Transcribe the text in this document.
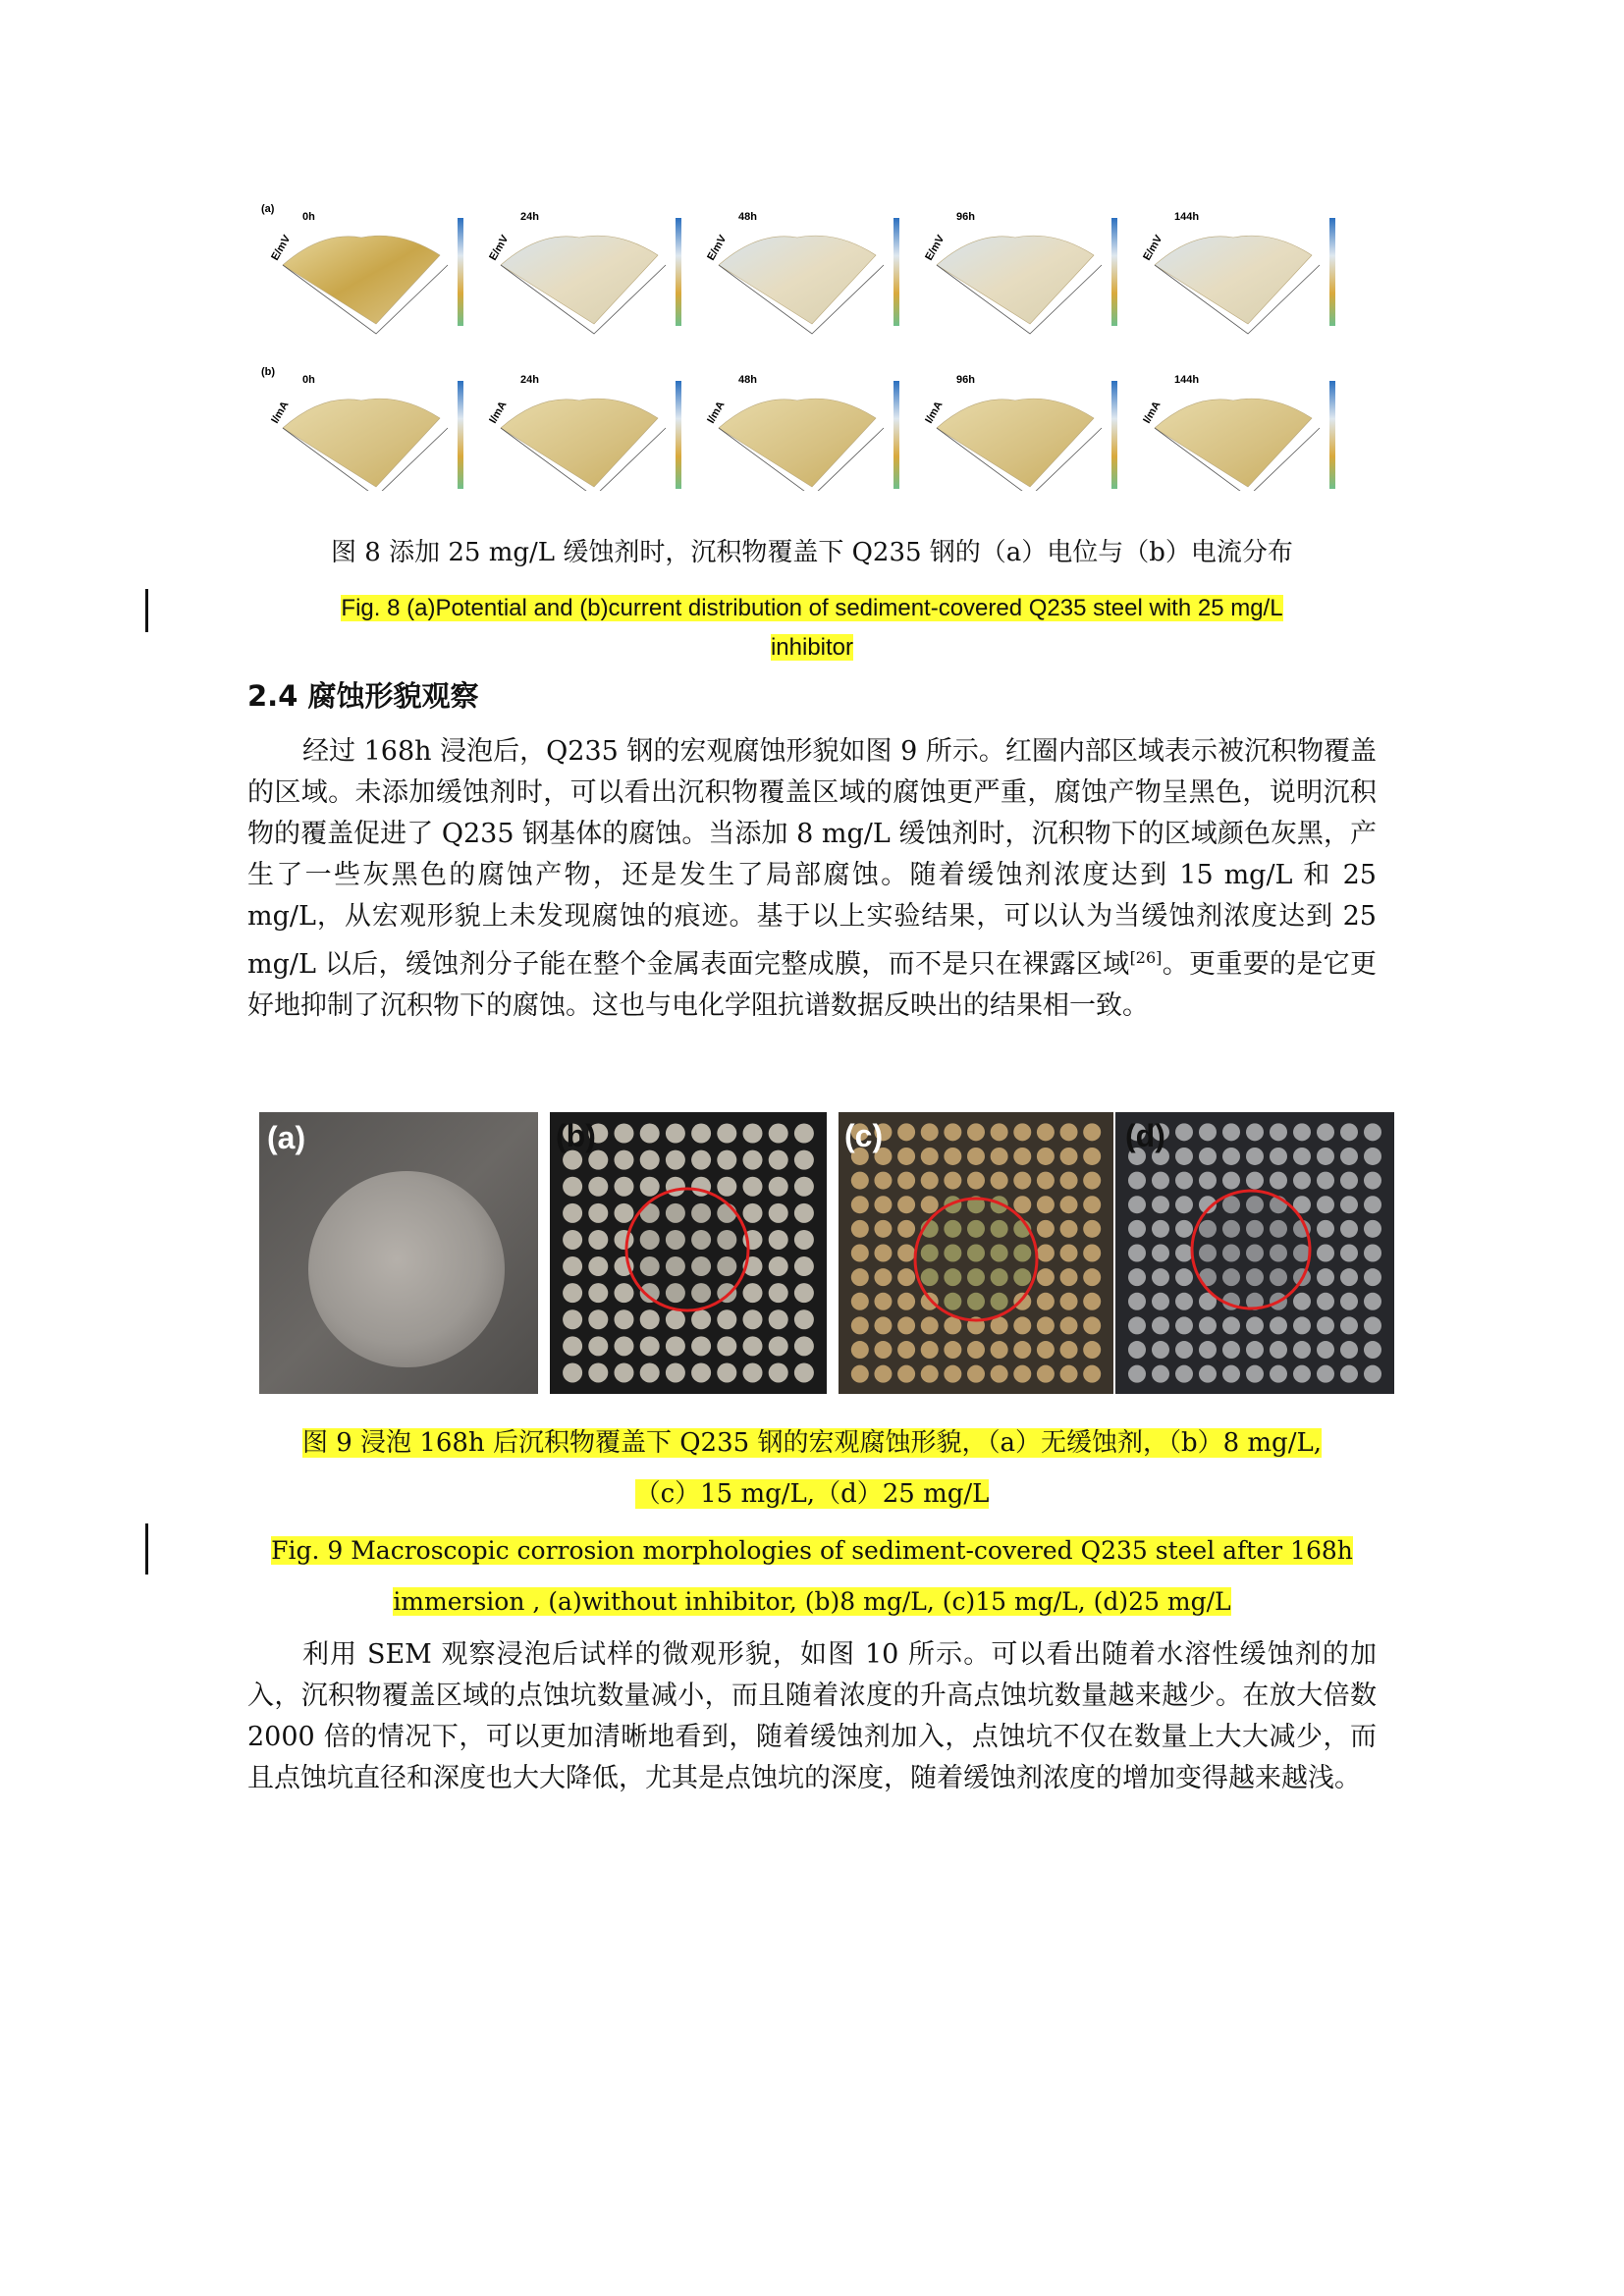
(a)
(b)
0h
E/mV
24h
E/mV
48h
E/mV
96h
E/mV
144h
E/mV
0h
I/mA
24h
I/mA
48h
I/mA
96h
I/mA
144h
I/mA
图 8 添加 25 mg/L 缓蚀剂时，沉积物覆盖下 Q235 钢的（a）电位与（b）电流分布
Fig. 8 (a)Potential and (b)current distribution of sediment-covered Q235 steel with 25 mg/L
inhibitor
2.4 腐蚀形貌观察
经过 168h 浸泡后，Q235 钢的宏观腐蚀形貌如图 9 所示。红圈内部区域表示被沉积物覆盖的区域。未添加缓蚀剂时，可以看出沉积物覆盖区域的腐蚀更严重，腐蚀产物呈黑色，说明沉积物的覆盖促进了 Q235 钢基体的腐蚀。当添加 8 mg/L 缓蚀剂时，沉积物下的区域颜色灰黑，产生了一些灰黑色的腐蚀产物，还是发生了局部腐蚀。随着缓蚀剂浓度达到 15 mg/L 和 25 mg/L，从宏观形貌上未发现腐蚀的痕迹。基于以上实验结果，可以认为当缓蚀剂浓度达到 25 mg/L 以后，缓蚀剂分子能在整个金属表面完整成膜，而不是只在裸露区域[26]。更重要的是它更好地抑制了沉积物下的腐蚀。这也与电化学阻抗谱数据反映出的结果相一致。
(a)	(b)	(c)	(d)
图 9 浸泡 168h 后沉积物覆盖下 Q235 钢的宏观腐蚀形貌，（a）无缓蚀剂，（b）8 mg/L,
（c）15 mg/L,（d）25 mg/L
Fig. 9 Macroscopic corrosion morphologies of sediment-covered Q235 steel after 168h
immersion , (a)without inhibitor, (b)8 mg/L, (c)15 mg/L, (d)25 mg/L
利用 SEM 观察浸泡后试样的微观形貌，如图 10 所示。可以看出随着水溶性缓蚀剂的加入，沉积物覆盖区域的点蚀坑数量减小，而且随着浓度的升高点蚀坑数量越来越少。在放大倍数 2000 倍的情况下，可以更加清晰地看到，随着缓蚀剂加入，点蚀坑不仅在数量上大大减少，而且点蚀坑直径和深度也大大降低，尤其是点蚀坑的深度，随着缓蚀剂浓度的增加变得越来越浅。
